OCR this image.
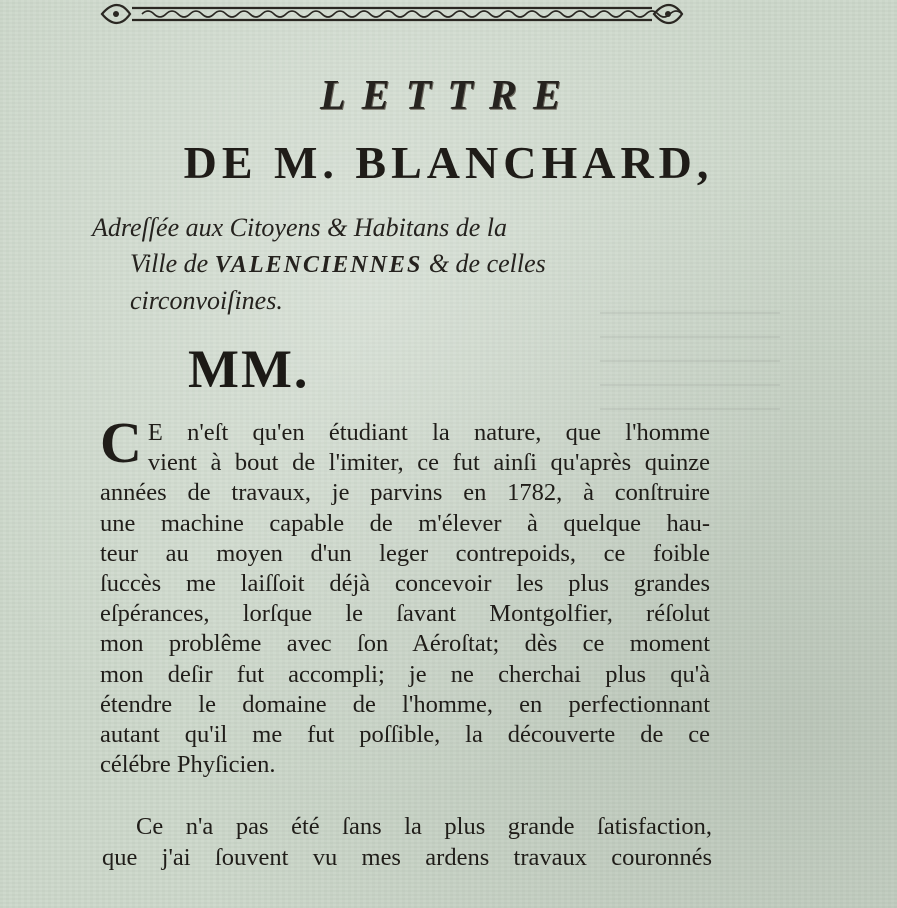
LETTRE
DE M. BLANCHARD,
Adreſſée aux Citoyens & Habitans de la
Ville de VALENCIENNES & de celles
circonvoiſines.
MM.
C E n'eſt qu'en étudiant la nature, que l'homme
vient à bout de l'imiter, ce fut ainſi qu'après quinze
années de travaux, je parvins en 1782, à conſtruire
une machine capable de m'élever à quelque hau-
teur au moyen d'un leger contrepoids, ce foible
ſuccès me laiſſoit déjà concevoir les plus grandes
eſpérances, lorſque le ſavant Montgolfier, réſolut
mon problême avec ſon Aéroſtat; dès ce moment
mon deſir fut accompli; je ne cherchai plus qu'à
étendre le domaine de l'homme, en perfectionnant
autant qu'il me fut poſſible, la découverte de ce
célébre Phyſicien.
Ce n'a pas été ſans la plus grande ſatisfaction,
que j'ai ſouvent vu mes ardens travaux couronnés
